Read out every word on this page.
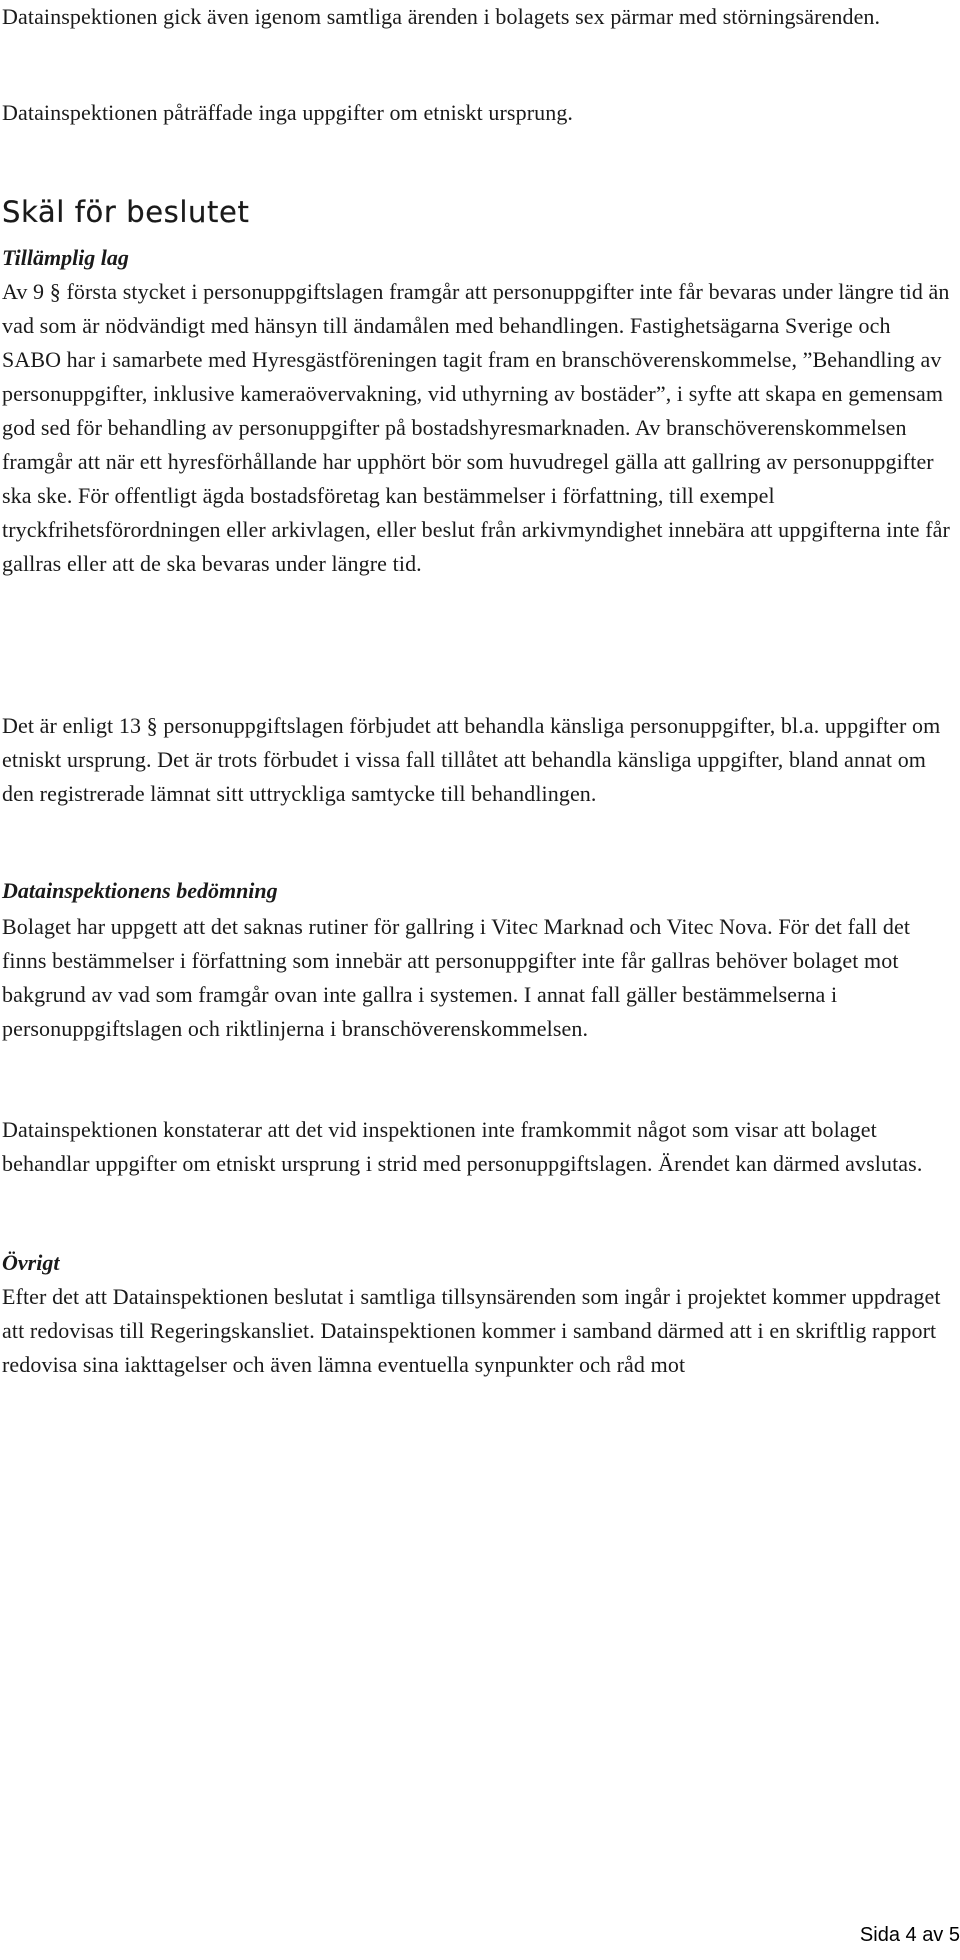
Datainspektionen gick även igenom samtliga ärenden i bolagets sex pärmar med störningsärenden.

Datainspektionen påträffade inga uppgifter om etniskt ursprung.

Skäl för beslutet
Tillämplig lag

Av 9 § första stycket i personuppgiftslagen framgår att personuppgifter inte får bevaras under längre tid än vad som är nödvändigt med hänsyn till ändamålen med behandlingen. Fastighetsägarna Sverige och SABO har i samarbete med Hyresgästföreningen tagit fram en branschöverenskommelse, ”Behandling av personuppgifter, inklusive kameraövervakning, vid uthyrning av bostäder”, i syfte att skapa en gemensam god sed för behandling av personuppgifter på bostadshyresmarknaden. Av branschöverenskommelsen framgår att när ett hyresförhållande har upphört bör som huvudregel gälla att gallring av personuppgifter ska ske. För offentligt ägda bostadsföretag kan bestämmelser i författning, till exempel tryckfrihetsförordningen eller arkivlagen, eller beslut från arkivmyndighet innebära att uppgifterna inte får gallras eller att de ska bevaras under längre tid.

Det är enligt 13 § personuppgiftslagen förbjudet att behandla känsliga personuppgifter, bl.a. uppgifter om etniskt ursprung. Det är trots förbudet i vissa fall tillåtet att behandla känsliga uppgifter, bland annat om den registrerade lämnat sitt uttryckliga samtycke till behandlingen.

Datainspektionens bedömning

Bolaget har uppgett att det saknas rutiner för gallring i Vitec Marknad och Vitec Nova. För det fall det finns bestämmelser i författning som innebär att personuppgifter inte får gallras behöver bolaget mot bakgrund av vad som framgår ovan inte gallra i systemen. I annat fall gäller bestämmelserna i personuppgiftslagen och riktlinjerna i branschöverenskommelsen.

Datainspektionen konstaterar att det vid inspektionen inte framkommit något som visar att bolaget behandlar uppgifter om etniskt ursprung i strid med personuppgiftslagen. Ärendet kan därmed avslutas.

Övrigt

Efter det att Datainspektionen beslutat i samtliga tillsynsärenden som ingår i projektet kommer uppdraget att redovisas till Regeringskansliet. Datainspektionen kommer i samband därmed att i en skriftlig rapport redovisa sina iakttagelser och även lämna eventuella synpunkter och råd mot

Sida 4 av 5
